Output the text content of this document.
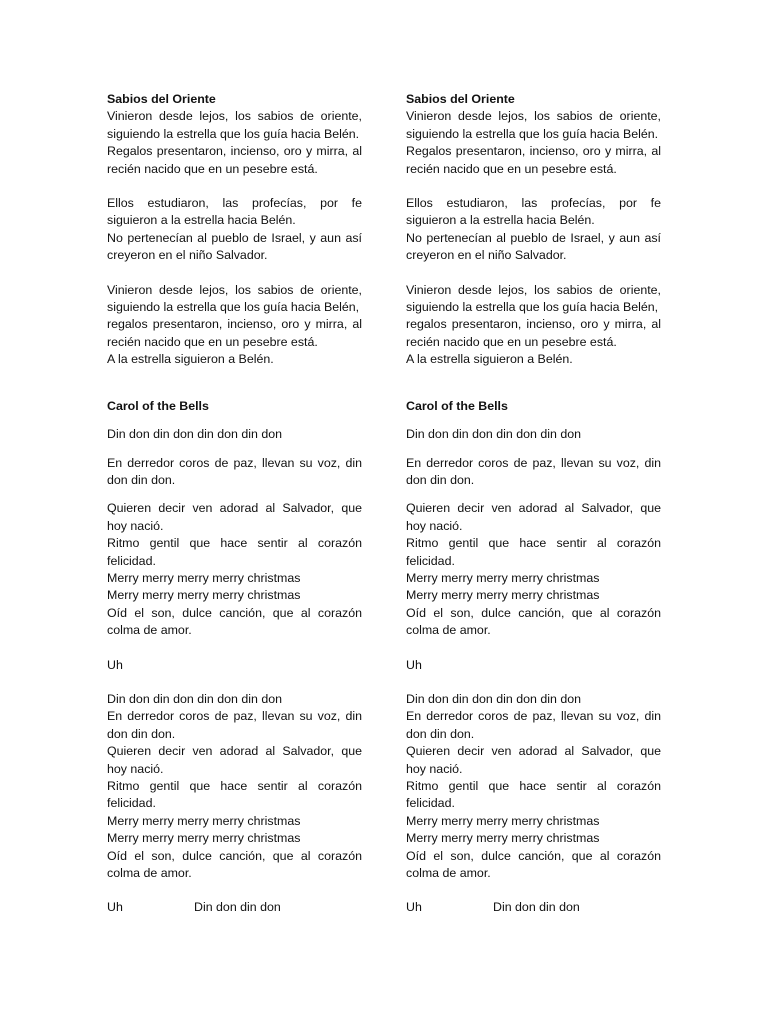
Sabios del Oriente
Vinieron desde lejos, los sabios de oriente,
siguiendo la estrella que los guía hacia Belén.
Regalos presentaron, incienso, oro y mirra, al
recién nacido que en un pesebre está.
Ellos estudiaron, las profecías, por fe
siguieron a la estrella hacia Belén.
No pertenecían al pueblo de Israel, y aun así
creyeron en el niño Salvador.
Vinieron desde lejos, los sabios de oriente,
siguiendo la estrella que los guía hacia Belén,
regalos presentaron, incienso, oro y mirra, al
recién nacido que en un pesebre está.
A la estrella siguieron a Belén.
Carol of the Bells
Din don din don din don din don
En derredor coros de paz, llevan su voz, din
don din don.
Quieren decir ven adorad al Salvador, que
hoy nació.
Ritmo gentil que hace sentir al corazón
felicidad.
Merry merry merry merry christmas
Merry merry merry merry christmas
Oíd el son, dulce canción, que al corazón
colma de amor.
Uh
Din don din don din don din don
En derredor coros de paz, llevan su voz, din
don din don.
Quieren decir ven adorad al Salvador, que
hoy nació.
Ritmo gentil que hace sentir al corazón
felicidad.
Merry merry merry merry christmas
Merry merry merry merry christmas
Oíd el son, dulce canción, que al corazón
colma de amor.
Uh	Din don din don
Sabios del Oriente
Vinieron desde lejos, los sabios de oriente,
siguiendo la estrella que los guía hacia Belén.
Regalos presentaron, incienso, oro y mirra, al
recién nacido que en un pesebre está.
Ellos estudiaron, las profecías, por fe
siguieron a la estrella hacia Belén.
No pertenecían al pueblo de Israel, y aun así
creyeron en el niño Salvador.
Vinieron desde lejos, los sabios de oriente,
siguiendo la estrella que los guía hacia Belén,
regalos presentaron, incienso, oro y mirra, al
recién nacido que en un pesebre está.
A la estrella siguieron a Belén.
Carol of the Bells
Din don din don din don din don
En derredor coros de paz, llevan su voz, din
don din don.
Quieren decir ven adorad al Salvador, que
hoy nació.
Ritmo gentil que hace sentir al corazón
felicidad.
Merry merry merry merry christmas
Merry merry merry merry christmas
Oíd el son, dulce canción, que al corazón
colma de amor.
Uh
Din don din don din don din don
En derredor coros de paz, llevan su voz, din
don din don.
Quieren decir ven adorad al Salvador, que
hoy nació.
Ritmo gentil que hace sentir al corazón
felicidad.
Merry merry merry merry christmas
Merry merry merry merry christmas
Oíd el son, dulce canción, que al corazón
colma de amor.
Uh	Din don din don
